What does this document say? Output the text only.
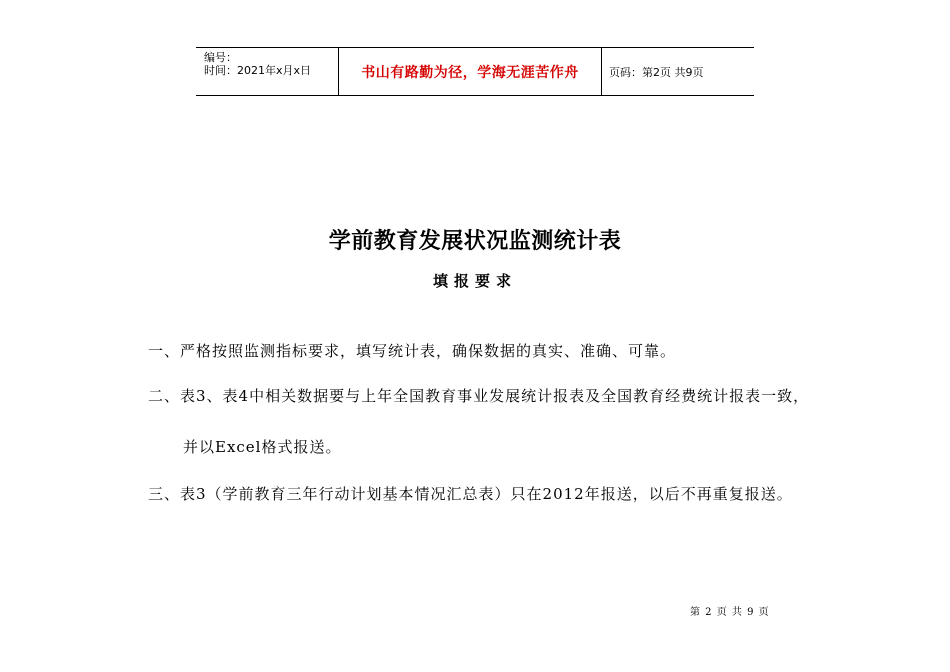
编号：
时间：2021年x月x日	书山有路勤为径，学海无涯苦作舟	页码：第2页 共9页
学前教育发展状况监测统计表
填报要求
一、严格按照监测指标要求，填写统计表，确保数据的真实、准确、可靠。
二、表3、表4中相关数据要与上年全国教育事业发展统计报表及全国教育经费统计报表一致，
并以Excel格式报送。
三、表3（学前教育三年行动计划基本情况汇总表）只在2012年报送，以后不再重复报送。
第 2 页 共 9 页
